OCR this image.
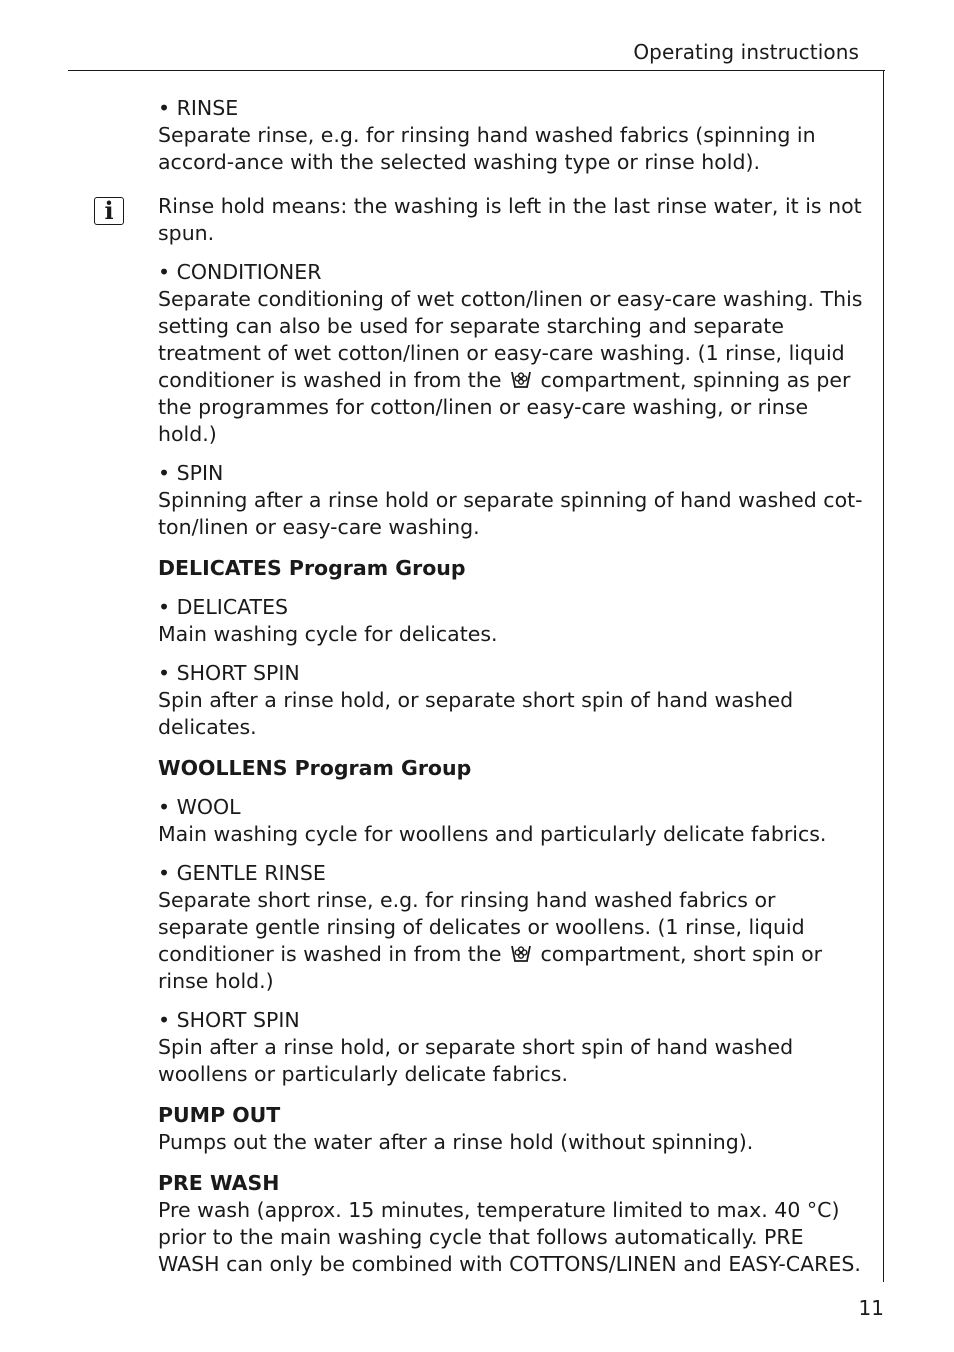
Operating instructions
• RINSE
Separate rinse, e.g. for rinsing hand washed fabrics (spinning in accord-ance with the selected washing type or rinse hold).
i Rinse hold means: the washing is left in the last rinse water, it is not spun.
• CONDITIONER
Separate conditioning of wet cotton/linen or easy-care washing. This setting can also be used for separate starching and separate treatment of wet cotton/linen or easy-care washing. (1 rinse, liquid conditioner is washed in from the compartment, spinning as per the programmes for cotton/linen or easy-care washing, or rinse hold.)
• SPIN
Spinning after a rinse hold or separate spinning of hand washed cot-ton/linen or easy-care washing.
DELICATES Program Group
• DELICATES
Main washing cycle for delicates.
• SHORT SPIN
Spin after a rinse hold, or separate short spin of hand washed delicates.
WOOLLENS Program Group
• WOOL
Main washing cycle for woollens and particularly delicate fabrics.
• GENTLE RINSE
Separate short rinse, e.g. for rinsing hand washed fabrics or separate gentle rinsing of delicates or woollens. (1 rinse, liquid conditioner is washed in from the compartment, short spin or rinse hold.)
• SHORT SPIN
Spin after a rinse hold, or separate short spin of hand washed woollens or particularly delicate fabrics.
PUMP OUT
Pumps out the water after a rinse hold (without spinning).
PRE WASH
Pre wash (approx. 15 minutes, temperature limited to max. 40 °C) prior to the main washing cycle that follows automatically. PRE WASH can only be combined with COTTONS/LINEN and EASY-CARES.
11
